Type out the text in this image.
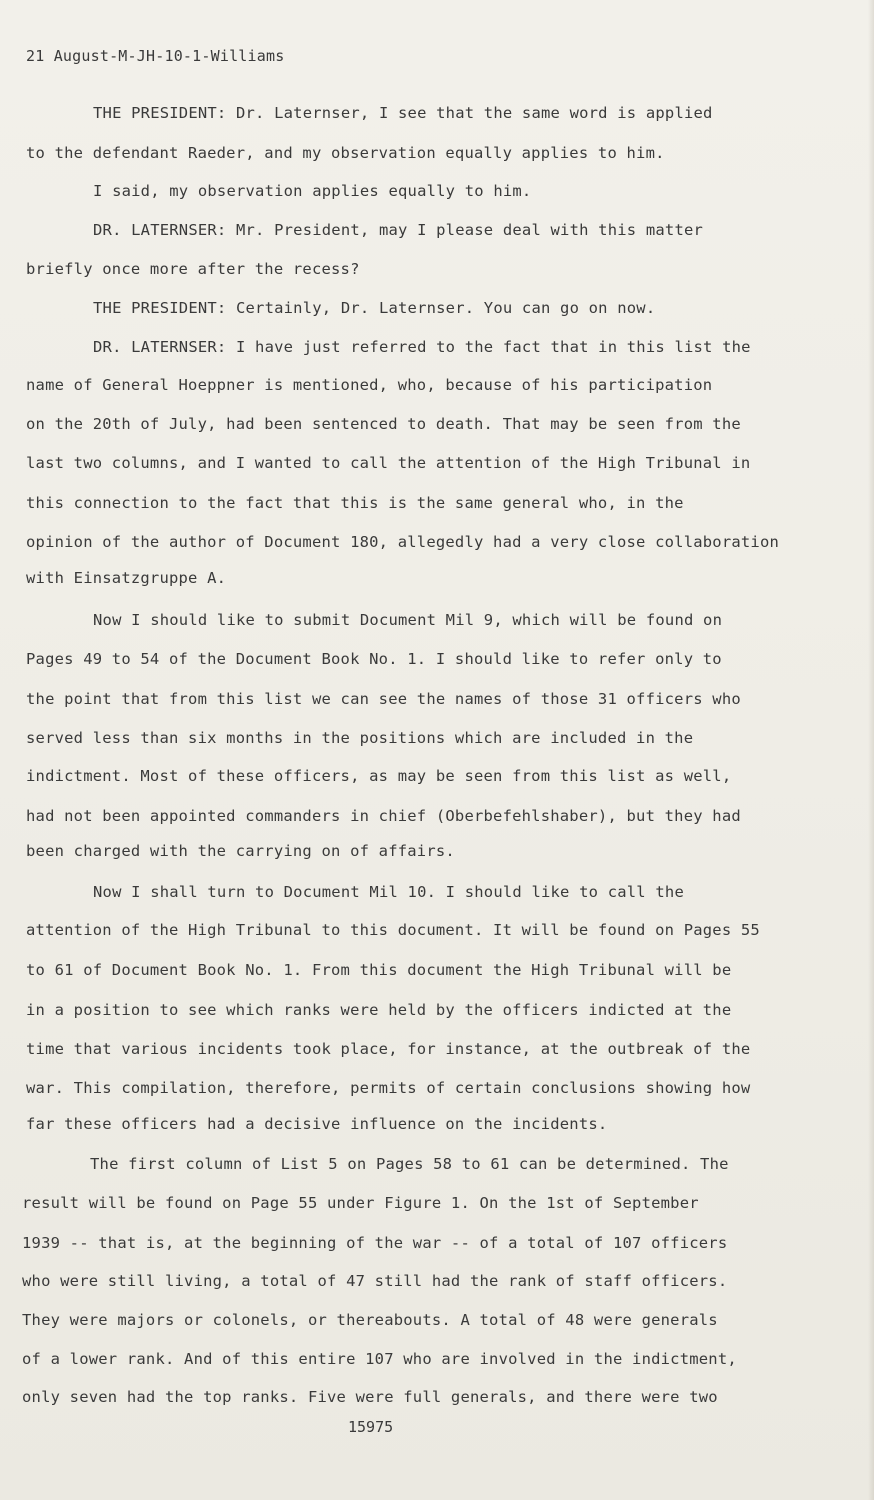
21 August-M-JH-10-1-Williams
THE PRESIDENT: Dr. Laternser, I see that the same word is applied
to the defendant Raeder, and my observation equally applies to him.
I said, my observation applies equally to him.
DR. LATERNSER: Mr. President, may I please deal with this matter
briefly once more after the recess?
THE PRESIDENT: Certainly, Dr. Laternser. You can go on now.
DR. LATERNSER: I have just referred to the fact that in this list the
name of General Hoeppner is mentioned, who, because of his participation
on the 20th of July, had been sentenced to death. That may be seen from the
last two columns, and I wanted to call the attention of the High Tribunal in
this connection to the fact that this is the same general who, in the
opinion of the author of Document 180, allegedly had a very close collaboration
with Einsatzgruppe A.
Now I should like to submit Document Mil 9, which will be found on
Pages 49 to 54 of the Document Book No. 1. I should like to refer only to
the point that from this list we can see the names of those 31 officers who
served less than six months in the positions which are included in the
indictment. Most of these officers, as may be seen from this list as well,
had not been appointed commanders in chief (Oberbefehlshaber), but they had
been charged with the carrying on of affairs.
Now I shall turn to Document Mil 10. I should like to call the
attention of the High Tribunal to this document. It will be found on Pages 55
to 61 of Document Book No. 1. From this document the High Tribunal will be
in a position to see which ranks were held by the officers indicted at the
time that various incidents took place, for instance, at the outbreak of the
war. This compilation, therefore, permits of certain conclusions showing how
far these officers had a decisive influence on the incidents.
The first column of List 5 on Pages 58 to 61 can be determined. The
result will be found on Page 55 under Figure 1. On the 1st of September
1939 -- that is, at the beginning of the war -- of a total of 107 officers
who were still living, a total of 47 still had the rank of staff officers.
They were majors or colonels, or thereabouts. A total of 48 were generals
of a lower rank. And of this entire 107 who are involved in the indictment,
only seven had the top ranks. Five were full generals, and there were two
15975
